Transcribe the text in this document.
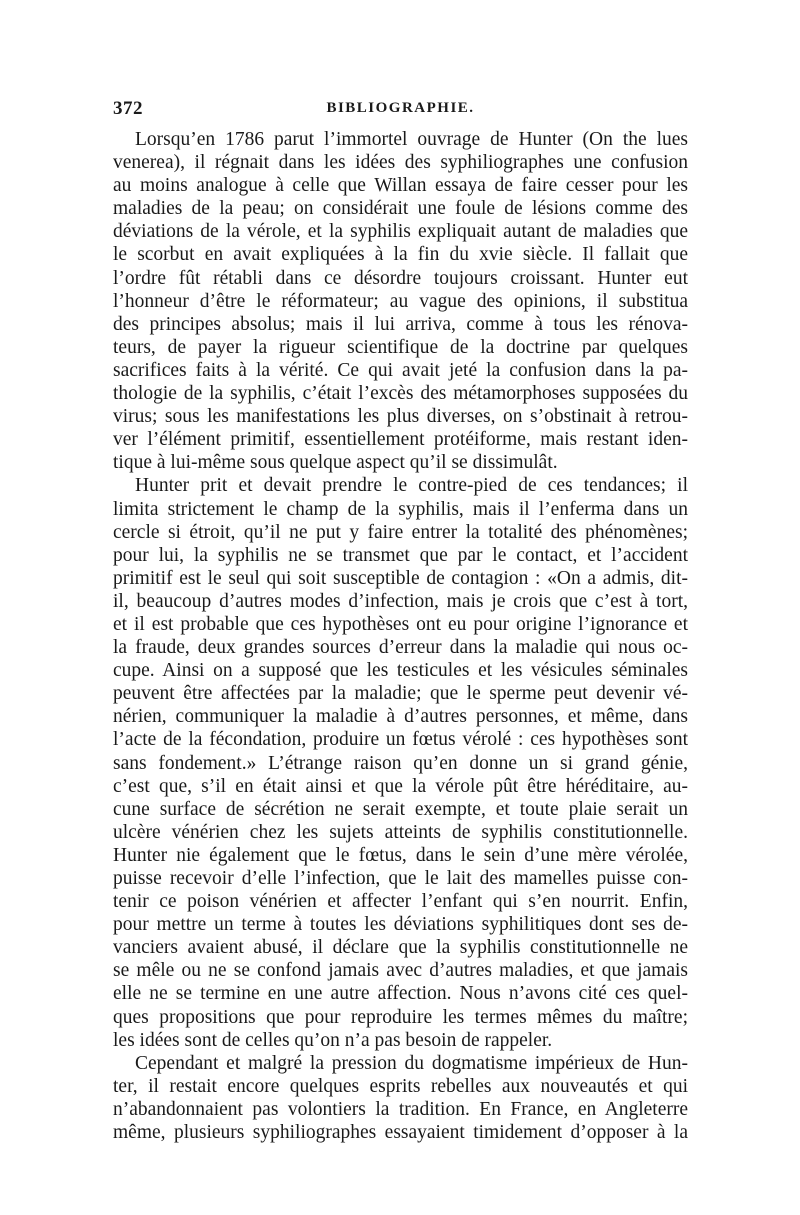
372	BIBLIOGRAPHIE.
Lorsqu’en 1786 parut l’immortel ouvrage de Hunter (On the lues
venerea), il régnait dans les idées des syphiliographes une confusion
au moins analogue à celle que Willan essaya de faire cesser pour les
maladies de la peau; on considérait une foule de lésions comme des
déviations de la vérole, et la syphilis expliquait autant de maladies que
le scorbut en avait expliquées à la fin du xvie siècle. Il fallait que
l’ordre fût rétabli dans ce désordre toujours croissant. Hunter eut
l’honneur d’être le réformateur; au vague des opinions, il substitua
des principes absolus; mais il lui arriva, comme à tous les rénova-
teurs, de payer la rigueur scientifique de la doctrine par quelques
sacrifices faits à la vérité. Ce qui avait jeté la confusion dans la pa-
thologie de la syphilis, c’était l’excès des métamorphoses supposées du
virus; sous les manifestations les plus diverses, on s’obstinait à retrou-
ver l’élément primitif, essentiellement protéiforme, mais restant iden-
tique à lui-même sous quelque aspect qu’il se dissimulât.
Hunter prit et devait prendre le contre-pied de ces tendances; il
limita strictement le champ de la syphilis, mais il l’enferma dans un
cercle si étroit, qu’il ne put y faire entrer la totalité des phénomènes;
pour lui, la syphilis ne se transmet que par le contact, et l’accident
primitif est le seul qui soit susceptible de contagion : «On a admis, dit-
il, beaucoup d’autres modes d’infection, mais je crois que c’est à tort,
et il est probable que ces hypothèses ont eu pour origine l’ignorance et
la fraude, deux grandes sources d’erreur dans la maladie qui nous oc-
cupe. Ainsi on a supposé que les testicules et les vésicules séminales
peuvent être affectées par la maladie; que le sperme peut devenir vé-
nérien, communiquer la maladie à d’autres personnes, et même, dans
l’acte de la fécondation, produire un fœtus vérolé : ces hypothèses sont
sans fondement.» L’étrange raison qu’en donne un si grand génie,
c’est que, s’il en était ainsi et que la vérole pût être héréditaire, au-
cune surface de sécrétion ne serait exempte, et toute plaie serait un
ulcère vénérien chez les sujets atteints de syphilis constitutionnelle.
Hunter nie également que le fœtus, dans le sein d’une mère vérolée,
puisse recevoir d’elle l’infection, que le lait des mamelles puisse con-
tenir ce poison vénérien et affecter l’enfant qui s’en nourrit. Enfin,
pour mettre un terme à toutes les déviations syphilitiques dont ses de-
vanciers avaient abusé, il déclare que la syphilis constitutionnelle ne
se mêle ou ne se confond jamais avec d’autres maladies, et que jamais
elle ne se termine en une autre affection. Nous n’avons cité ces quel-
ques propositions que pour reproduire les termes mêmes du maître;
les idées sont de celles qu’on n’a pas besoin de rappeler.
Cependant et malgré la pression du dogmatisme impérieux de Hun-
ter, il restait encore quelques esprits rebelles aux nouveautés et qui
n’abandonnaient pas volontiers la tradition. En France, en Angleterre
même, plusieurs syphiliographes essayaient timidement d’opposer à la
